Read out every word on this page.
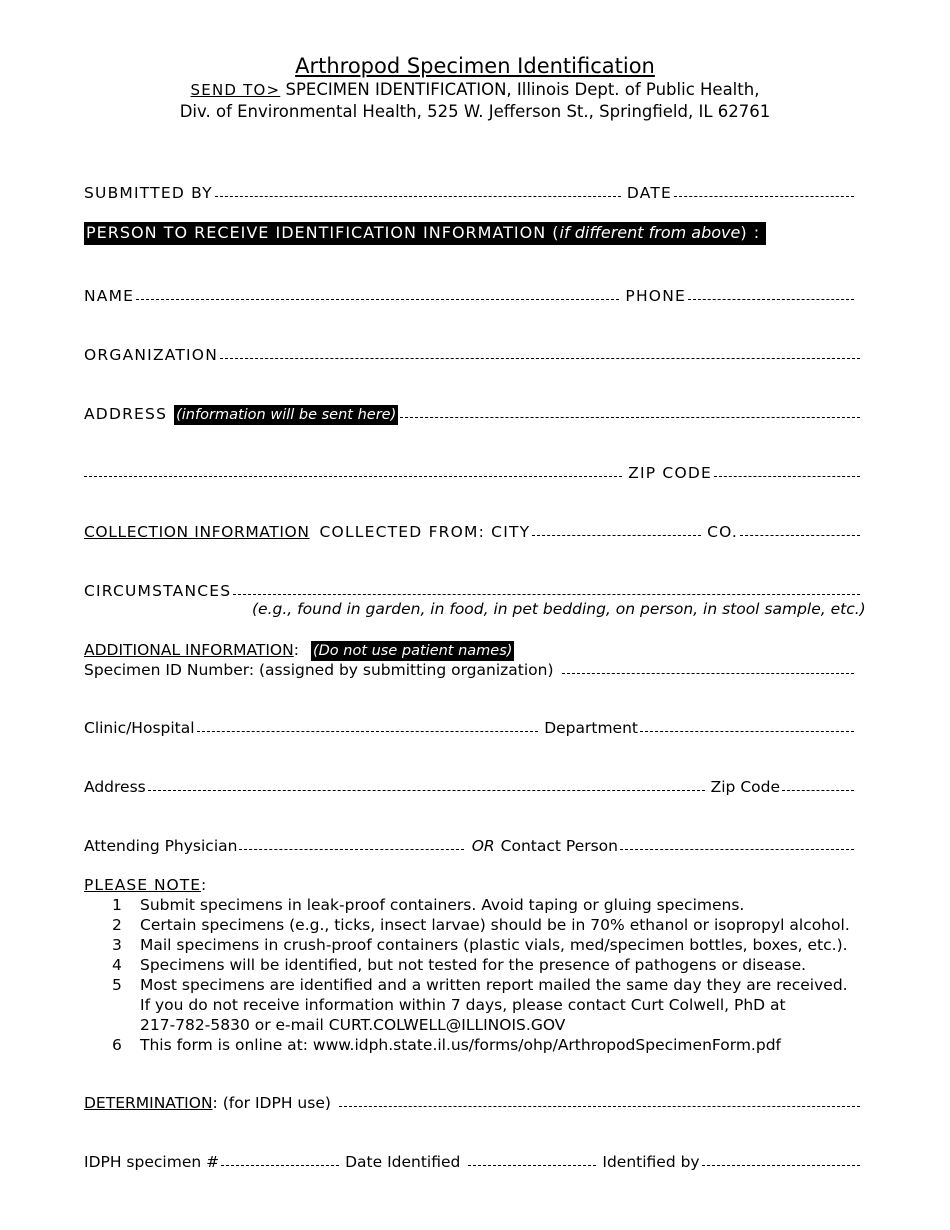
Arthropod Specimen Identification
SEND TO> SPECIMEN IDENTIFICATION, Illinois Dept. of Public Health,
Div. of Environmental Health, 525 W. Jefferson St., Springfield, IL 62761
SUBMITTED BY	DATE
PERSON TO RECEIVE IDENTIFICATION INFORMATION (if different from above) :
NAME	PHONE
ORGANIZATION
ADDRESS (information will be sent here)
ZIP CODE
COLLECTION INFORMATION COLLECTED FROM: CITY	CO.
CIRCUMSTANCES
(e.g., found in garden, in food, in pet bedding, on person, in stool sample, etc.)
ADDITIONAL INFORMATION : (Do not use patient names)
Specimen ID Number: (assigned by submitting organization)
Clinic/Hospital	Department
Address	Zip Code
Attending Physician	OR Contact Person
PLEASE NOTE :
1	Submit specimens in leak-proof containers. Avoid taping or gluing specimens.
2	Certain specimens (e.g., ticks, insect larvae) should be in 70% ethanol or isopropyl alcohol.
3	Mail specimens in crush-proof containers (plastic vials, med/specimen bottles, boxes, etc.).
4	Specimens will be identified, but not tested for the presence of pathogens or disease.
5	Most specimens are identified and a written report mailed the same day they are received.
If you do not receive information within 7 days, please contact Curt Colwell, PhD at
217-782-5830 or e-mail CURT.COLWELL@ILLINOIS.GOV
6	This form is online at: www.idph.state.il.us/forms/ohp/ArthropodSpecimenForm.pdf
DETERMINATION : (for IDPH use)
IDPH specimen #	Date Identified	Identified by
